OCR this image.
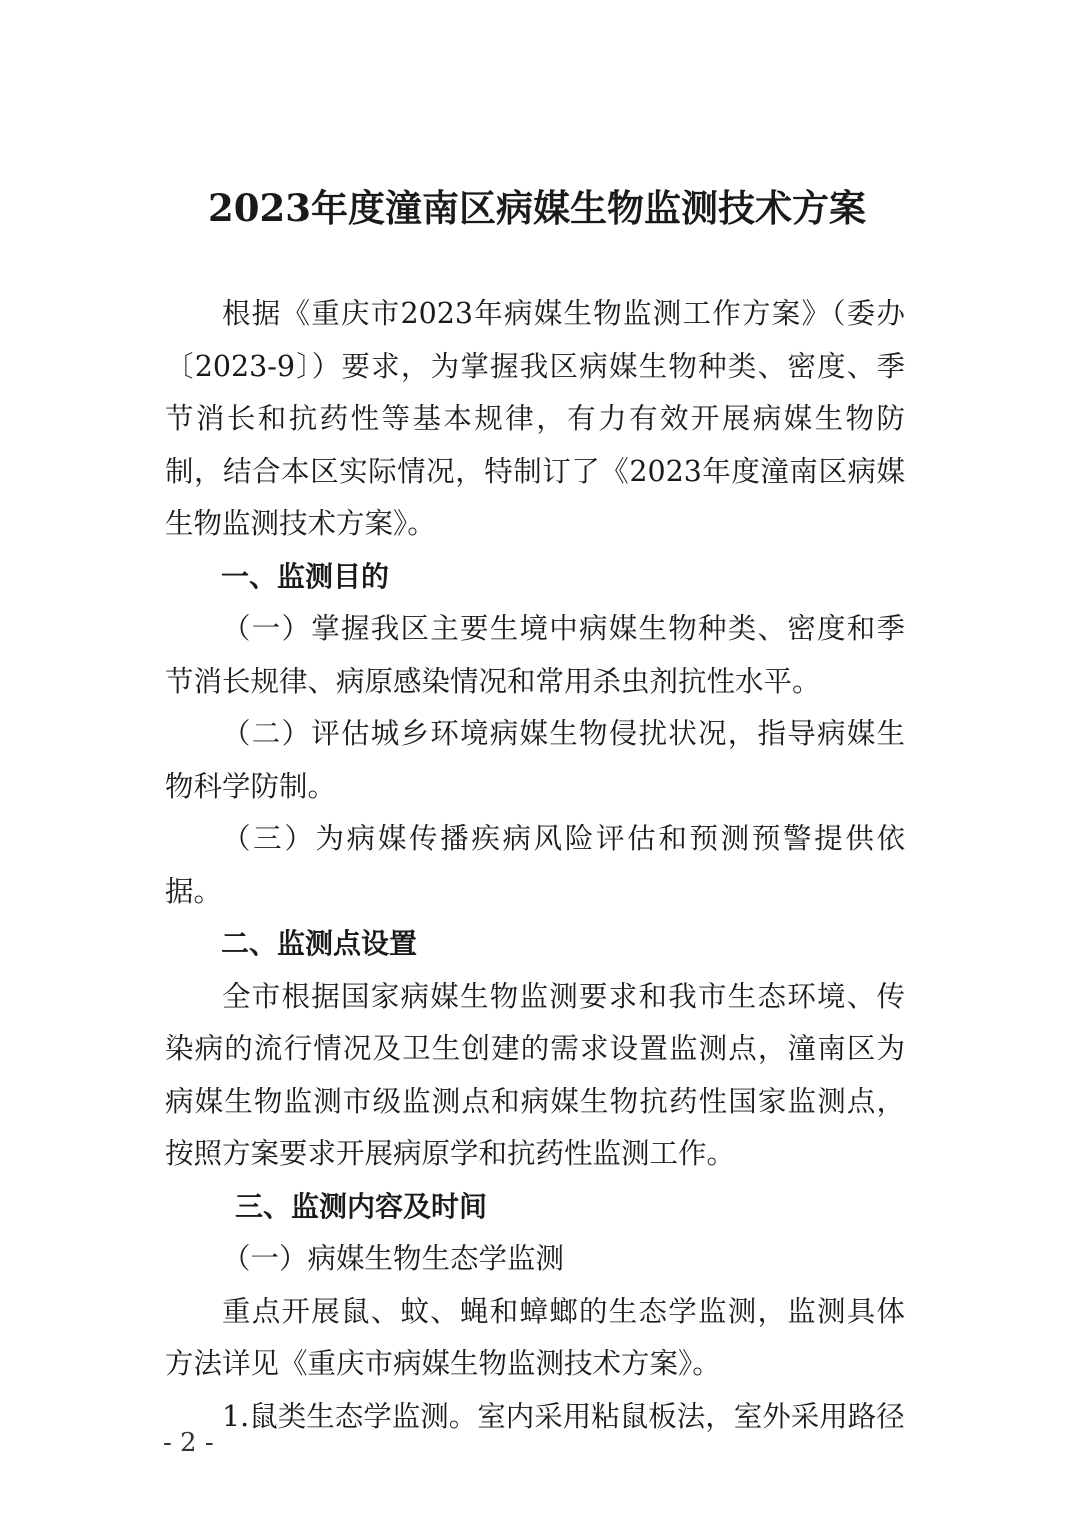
2023年度潼南区病媒生物监测技术方案

根据《重庆市2023年病媒生物监测工作方案》（委办〔2023-9〕）要求，为掌握我区病媒生物种类、密度、季节消长和抗药性等基本规律，有力有效开展病媒生物防制，结合本区实际情况，特制订了《2023年度潼南区病媒生物监测技术方案》。

一、监测目的

（一）掌握我区主要生境中病媒生物种类、密度和季节消长规律、病原感染情况和常用杀虫剂抗性水平。

（二）评估城乡环境病媒生物侵扰状况，指导病媒生物科学防制。

（三）为病媒传播疾病风险评估和预测预警提供依据。

二、监测点设置

全市根据国家病媒生物监测要求和我市生态环境、传染病的流行情况及卫生创建的需求设置监测点，潼南区为病媒生物监测市级监测点和病媒生物抗药性国家监测点，按照方案要求开展病原学和抗药性监测工作。

三、监测内容及时间

（一）病媒生物生态学监测

重点开展鼠、蚊、蝇和蟑螂的生态学监测，监测具体方法详见《重庆市病媒生物监测技术方案》。

1.鼠类生态学监测。室内采用粘鼠板法，室外采用路径

- 2 -
